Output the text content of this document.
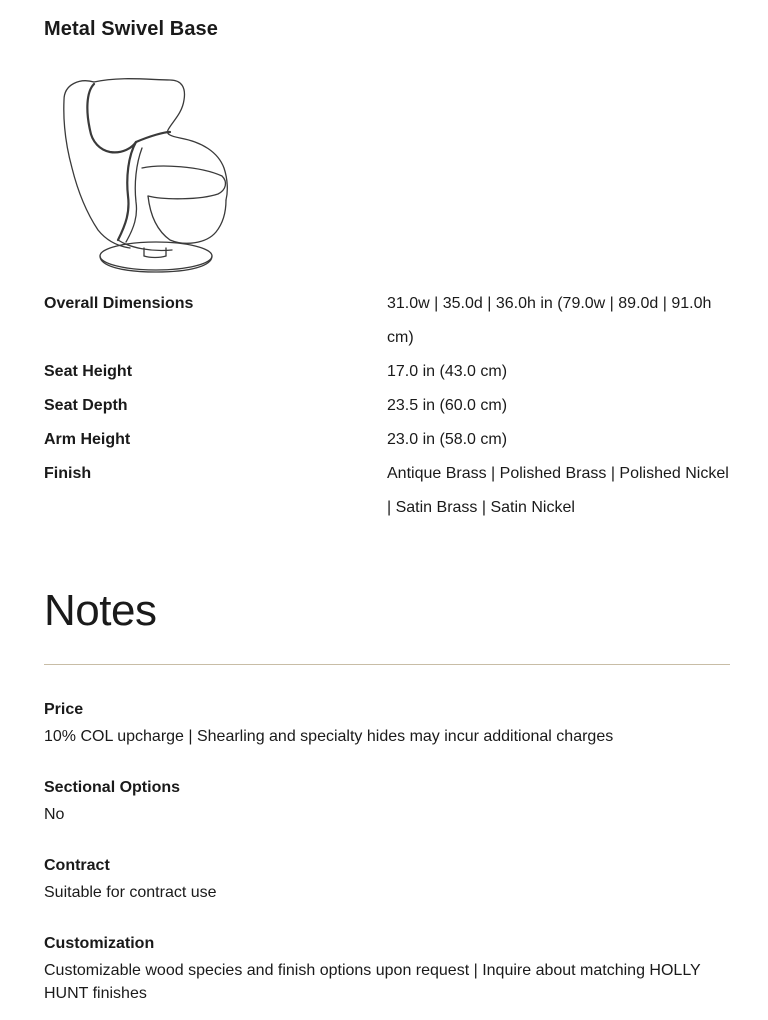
Metal Swivel Base
Overall Dimensions	31.0w | 35.0d | 36.0h in (79.0w | 89.0d | 91.0h cm)
Seat Height	17.0 in (43.0 cm)
Seat Depth	23.5 in (60.0 cm)
Arm Height	23.0 in (58.0 cm)
Finish	Antique Brass | Polished Brass | Polished Nickel | Satin Brass | Satin Nickel
Notes
Price
10% COL upcharge | Shearling and specialty hides may incur additional charges
Sectional Options
No
Contract
Suitable for contract use
Customization
Customizable wood species and finish options upon request | Inquire about matching HOLLY HUNT finishes
